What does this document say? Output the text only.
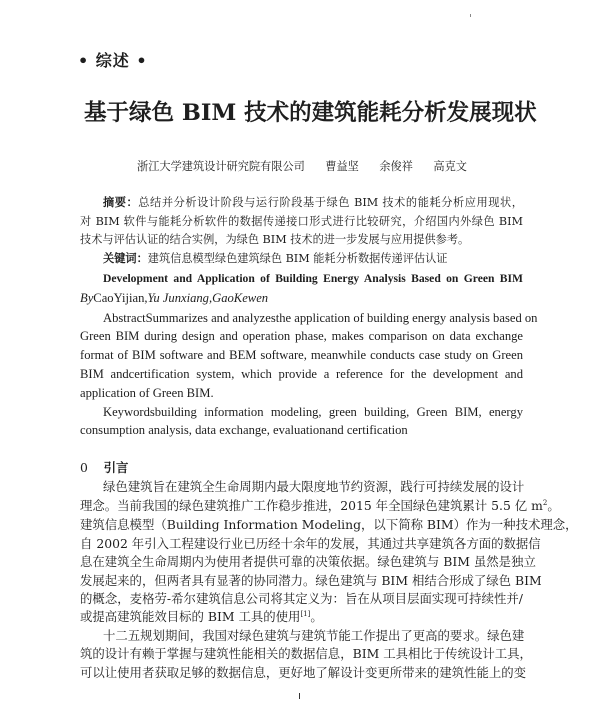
• 综述 •
基于绿色 BIM 技术的建筑能耗分析发展现状
浙江大学建筑设计研究院有限公司 曹益坚 余俊祥 高克文
摘要：总结并分析设计阶段与运行阶段基于绿色 BIM 技术的能耗分析应用现状，
对 BIM 软件与能耗分析软件的数据传递接口形式进行比较研究，介绍国内外绿色 BIM
技术与评估认证的结合实例，为绿色 BIM 技术的进一步发展与应用提供参考。
关键词：建筑信息模型绿色建筑绿色 BIM 能耗分析数据传递评估认证
Development and Application of Building Energy Analysis Based on Green BIM
ByCaoYijian,Yu Junxiang,GaoKewen
AbstractSummarizes and analyzesthe application of building energy analysis based on
Green BIM during design and operation phase, makes comparison on data exchange
format of BIM software and BEM software, meanwhile conducts case study on Green
BIM andcertification system, which provide a reference for the development and
application of Green BIM.
Keywordsbuilding information modeling, green building, Green BIM, energy
consumption analysis, data exchange, evaluationand certification
0 引言
绿色建筑旨在建筑全生命周期内最大限度地节约资源，践行可持续发展的设计
理念。当前我国的绿色建筑推广工作稳步推进，2015 年全国绿色建筑累计 5.5 亿 $m^2$。
建筑信息模型（Building Information Modeling，以下简称 BIM）作为一种技术理念，
自 2002 年引入工程建设行业已历经十余年的发展，其通过共享建筑各方面的数据信
息在建筑全生命周期内为使用者提供可靠的决策依据。绿色建筑与 BIM 虽然是独立
发展起来的，但两者具有显著的协同潜力。绿色建筑与 BIM 相结合形成了绿色 BIM
的概念，麦格劳-希尔建筑信息公司将其定义为：旨在从项目层面实现可持续性并/
或提高建筑能效目标的 BIM 工具的使用[1]。
十二五规划期间，我国对绿色建筑与建筑节能工作提出了更高的要求。绿色建
筑的设计有赖于掌握与建筑性能相关的数据信息，BIM 工具相比于传统设计工具，
可以让使用者获取足够的数据信息，更好地了解设计变更所带来的建筑性能上的变
